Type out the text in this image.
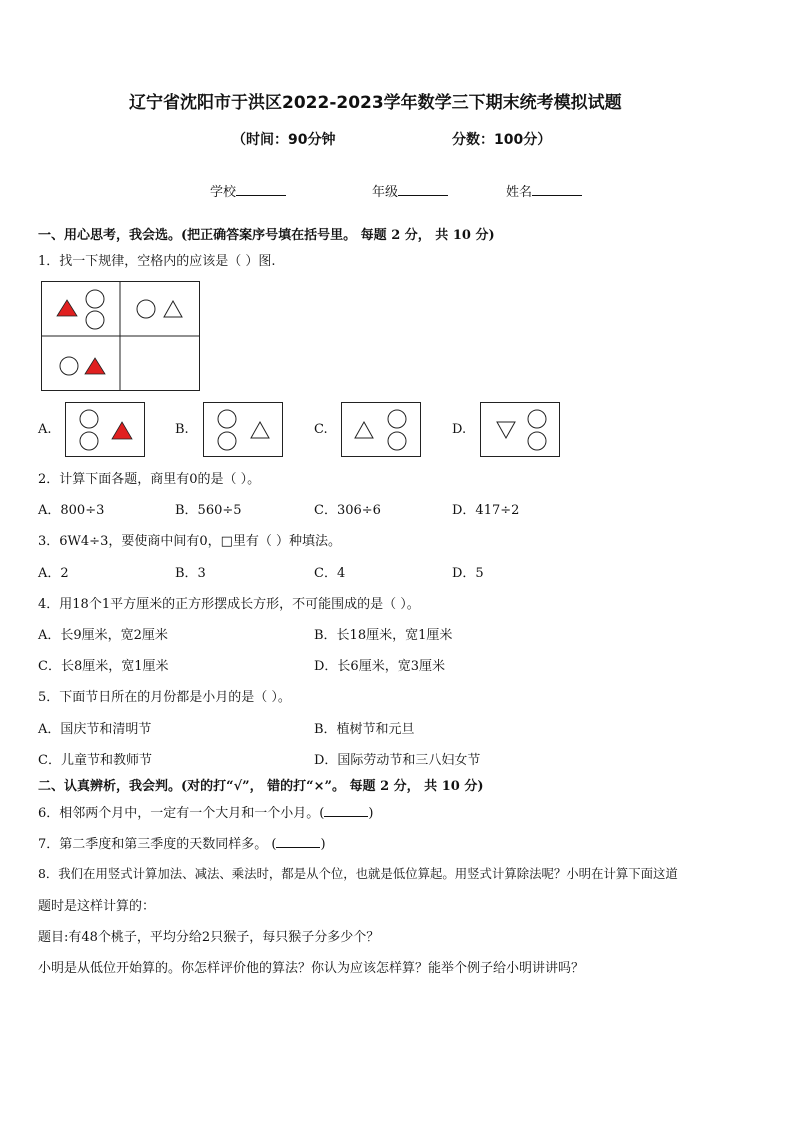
辽宁省沈阳市于洪区2022-2023学年数学三下期末统考模拟试题
（时间：90分钟	分数：100分）
学校	年级	姓名
一、用心思考，我会选。(把正确答案序号填在括号里。 每题 2 分， 共 10 分)
1．找一下规律，空格内的应该是（ ）图.
A.	B.	C.	D.
2．计算下面各题，商里有0的是（ ）。
A．800÷3	B．560÷5	C．306÷6	D．417÷2
3．6W4÷3，要使商中间有0，□里有（ ）种填法。
A．2	B．3	C．4	D．5
4．用18个1平方厘米的正方形摆成长方形，不可能围成的是（ ）。
A．长9厘米，宽2厘米	B．长18厘米，宽1厘米
C．长8厘米，宽1厘米	D．长6厘米，宽3厘米
5．下面节日所在的月份都是小月的是（ ）。
A．国庆节和清明节	B．植树节和元旦
C．儿童节和教师节	D．国际劳动节和三八妇女节
二、认真辨析，我会判。(对的打“√”， 错的打“×”。 每题 2 分， 共 10 分)
6．相邻两个月中，一定有一个大月和一个小月。(	)
7．第二季度和第三季度的天数同样多。 (	)
8．我们在用竖式计算加法、减法、乘法时，都是从个位，也就是低位算起。用竖式计算除法呢？小明在计算下面这道
题时是这样计算的：
题目:有48个桃子，平均分给2只猴子，每只猴子分多少个？
小明是从低位开始算的。你怎样评价他的算法？你认为应该怎样算？能举个例子给小明讲讲吗？
